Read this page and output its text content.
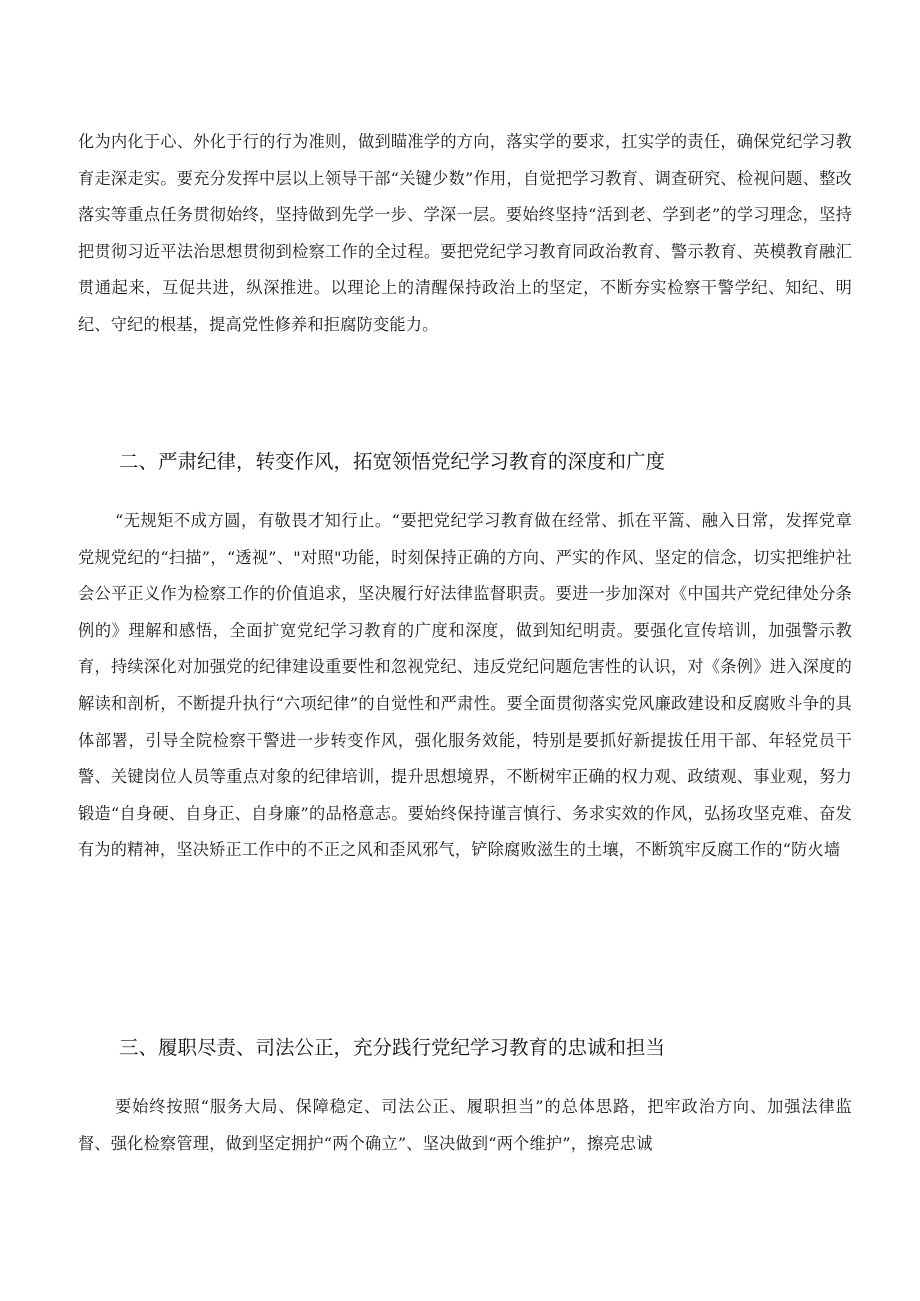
化为内化于心、外化于行的行为准则，做到瞄准学的方向，落实学的要求，扛实学的责任，确保党纪学习教育走深走实。要充分发挥中层以上领导干部“关键少数”作用，自觉把学习教育、调查研究、检视问题、整改落实等重点任务贯彻始终，坚持做到先学一步、学深一层。要始终坚持“活到老、学到老”的学习理念，坚持把贯彻习近平法治思想贯彻到检察工作的全过程。要把党纪学习教育同政治教育、警示教育、英模教育融汇贯通起来，互促共进，纵深推进。以理论上的清醒保持政治上的坚定，不断夯实检察干警学纪、知纪、明纪、守纪的根基，提高党性修养和拒腐防变能力。

二、严肃纪律，转变作风，拓宽领悟党纪学习教育的深度和广度

“无规矩不成方圆，有敬畏才知行止。“要把党纪学习教育做在经常、抓在平篙、融入日常，发挥党章党规党纪的“扫描”，“透视”、"对照"功能，时刻保持正确的方向、严实的作风、坚定的信念，切实把维护社会公平正义作为检察工作的价值追求，坚决履行好法律监督职责。要进一步加深对《中国共产党纪律处分条例的》理解和感悟，全面扩宽党纪学习教育的广度和深度，做到知纪明责。要强化宣传培训，加强警示教育，持续深化对加强党的纪律建设重要性和忽视党纪、违反党纪问题危害性的认识，对《条例》进入深度的解读和剖析，不断提升执行“六项纪律”的自觉性和严肃性。要全面贯彻落实党风廉政建设和反腐败斗争的具体部署，引导全院检察干警进一步转变作风，强化服务效能，特别是要抓好新提拔任用干部、年轻党员干警、关键岗位人员等重点对象的纪律培训，提升思想境界，不断树牢正确的权力观、政绩观、事业观，努力锻造“自身硬、自身正、自身廉”的品格意志。要始终保持谨言慎行、务求实效的作风，弘扬攻坚克难、奋发有为的精神，坚决矫正工作中的不正之风和歪风邪气，铲除腐败滋生的土壤，不断筑牢反腐工作的“防火墙

三、履职尽责、司法公正，充分践行党纪学习教育的忠诚和担当

要始终按照“服务大局、保障稳定、司法公正、履职担当”的总体思路，把牢政治方向、加强法律监督、强化检察管理，做到坚定拥护“两个确立”、坚决做到“两个维护”，擦亮忠诚
